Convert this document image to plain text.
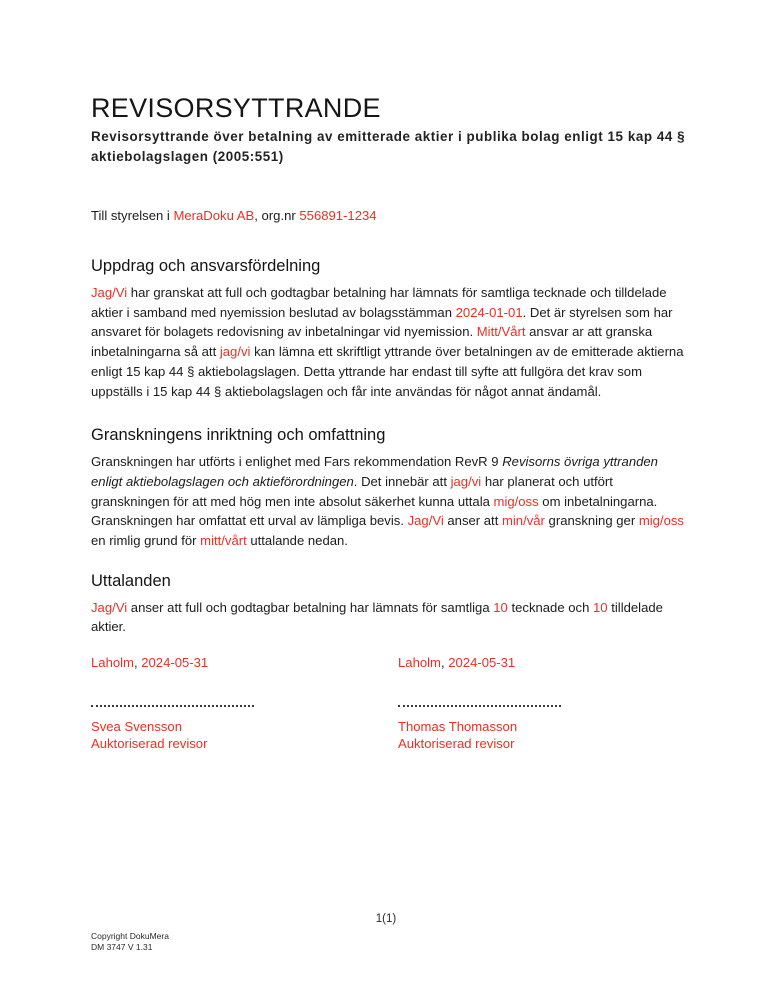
REVISORSYTTRANDE
Revisorsyttrande över betalning av emitterade aktier i publika bolag enligt 15 kap 44 § aktiebolagslagen (2005:551)
Till styrelsen i MeraDoku AB, org.nr 556891-1234
Uppdrag och ansvarsfördelning
Jag/Vi har granskat att full och godtagbar betalning har lämnats för samtliga tecknade och tilldelade aktier i samband med nyemission beslutad av bolagsstämman 2024-01-01. Det är styrelsen som har ansvaret för bolagets redovisning av inbetalningar vid nyemission. Mitt/Vårt ansvar ar att granska inbetalningarna så att jag/vi kan lämna ett skriftligt yttrande över betalningen av de emitterade aktierna enligt 15 kap 44 § aktiebolagslagen. Detta yttrande har endast till syfte att fullgöra det krav som uppställs i 15 kap 44 § aktiebolagslagen och får inte användas för något annat ändamål.
Granskningens inriktning och omfattning
Granskningen har utförts i enlighet med Fars rekommendation RevR 9 Revisorns övriga yttranden enligt aktiebolagslagen och aktieförordningen. Det innebär att jag/vi har planerat och utfört granskningen för att med hög men inte absolut säkerhet kunna uttala mig/oss om inbetalningarna. Granskningen har omfattat ett urval av lämpliga bevis. Jag/Vi anser att min/vår granskning ger mig/oss en rimlig grund för mitt/vårt uttalande nedan.
Uttalanden
Jag/Vi anser att full och godtagbar betalning har lämnats för samtliga 10 tecknade och 10 tilldelade aktier.
Laholm, 2024-05-31
Svea Svensson
Auktoriserad revisor
Laholm, 2024-05-31
Thomas Thomasson
Auktoriserad revisor
1(1)
Copyright DokuMera
DM 3747 V 1.31
